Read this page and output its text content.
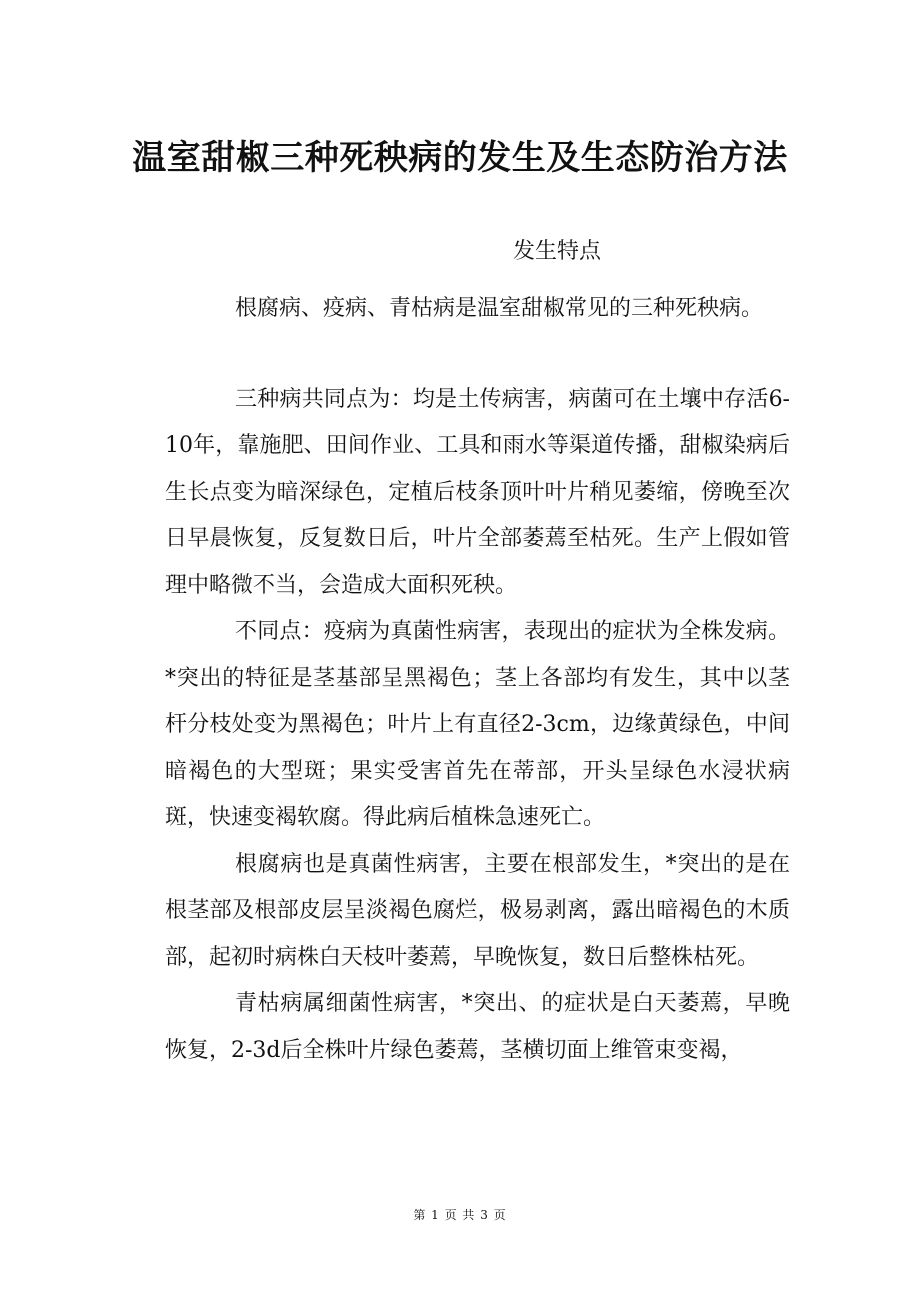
温室甜椒三种死秧病的发生及生态防治方法
发生特点

根腐病、疫病、青枯病是温室甜椒常见的三种死秧病。

三种病共同点为：均是土传病害，病菌可在土壤中存活6-10年，靠施肥、田间作业、工具和雨水等渠道传播，甜椒染病后生长点变为暗深绿色，定植后枝条顶叶叶片稍见萎缩，傍晚至次日早晨恢复，反复数日后，叶片全部萎蔫至枯死。生产上假如管理中略微不当，会造成大面积死秧。

不同点：疫病为真菌性病害，表现出的症状为全株发病。*突出的特征是茎基部呈黑褐色；茎上各部均有发生，其中以茎杆分枝处变为黑褐色；叶片上有直径2-3cm，边缘黄绿色，中间暗褐色的大型斑；果实受害首先在蒂部，开头呈绿色水浸状病斑，快速变褐软腐。得此病后植株急速死亡。

根腐病也是真菌性病害，主要在根部发生，*突出的是在根茎部及根部皮层呈淡褐色腐烂，极易剥离，露出暗褐色的木质部，起初时病株白天枝叶萎蔫，早晚恢复，数日后整株枯死。

青枯病属细菌性病害，*突出、的症状是白天萎蔫，早晚恢复，2-3d后全株叶片绿色萎蔫，茎横切面上维管束变褐，

第 1 页 共 3 页
